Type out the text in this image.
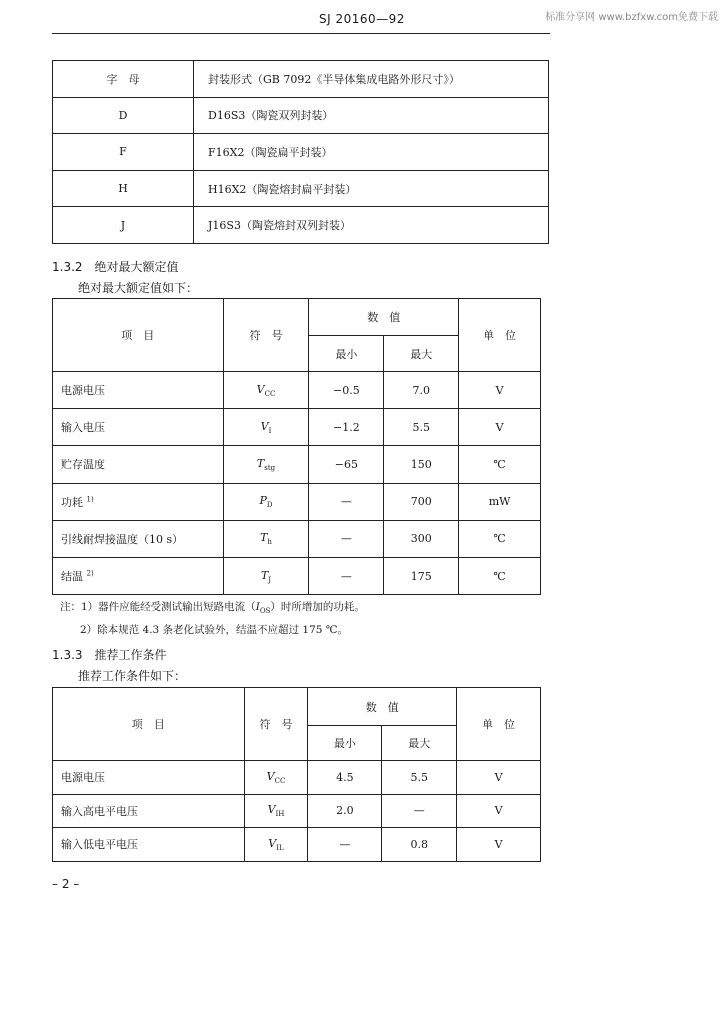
SJ 20160—92	标准分享网 www.bzfxw.com免费下载
字　母	封装形式（GB 7092《半导体集成电路外形尺寸》）
D	D16S3（陶瓷双列封装）
F	F16X2（陶瓷扁平封装）
H	H16X2（陶瓷熔封扁平封装）
J	J16S3（陶瓷熔封双列封装）
1.3.2　绝对最大额定值
绝对最大额定值如下：
项　目	符　号	数　值		单　位
		最小	最大	
电源电压	$V_{CC}$	−0.5	7.0	V
输入电压	$V_I$	−1.2	5.5	V
贮存温度	$T_{stg}$	−65	150	℃
功耗 $^{1)}$	$P_D$	—	700	mW
引线耐焊接温度（10 s）	$T_h$	—	300	℃
结温 $^{2)}$	$T_J$	—	175	℃
注：1）器件应能经受测试输出短路电流$(I_{OS})$时所增加的功耗。
2）除本规范 4.3 条老化试验外，结温不应超过 175 ℃。
1.3.3　推荐工作条件
推荐工作条件如下：
项　目	符　号	数　值		单　位
		最小	最大	
电源电压	$V_{CC}$	4.5	5.5	V
输入高电平电压	$V_{IH}$	2.0	—	V
输入低电平电压	$V_{IL}$	—	0.8	V
– 2 –
